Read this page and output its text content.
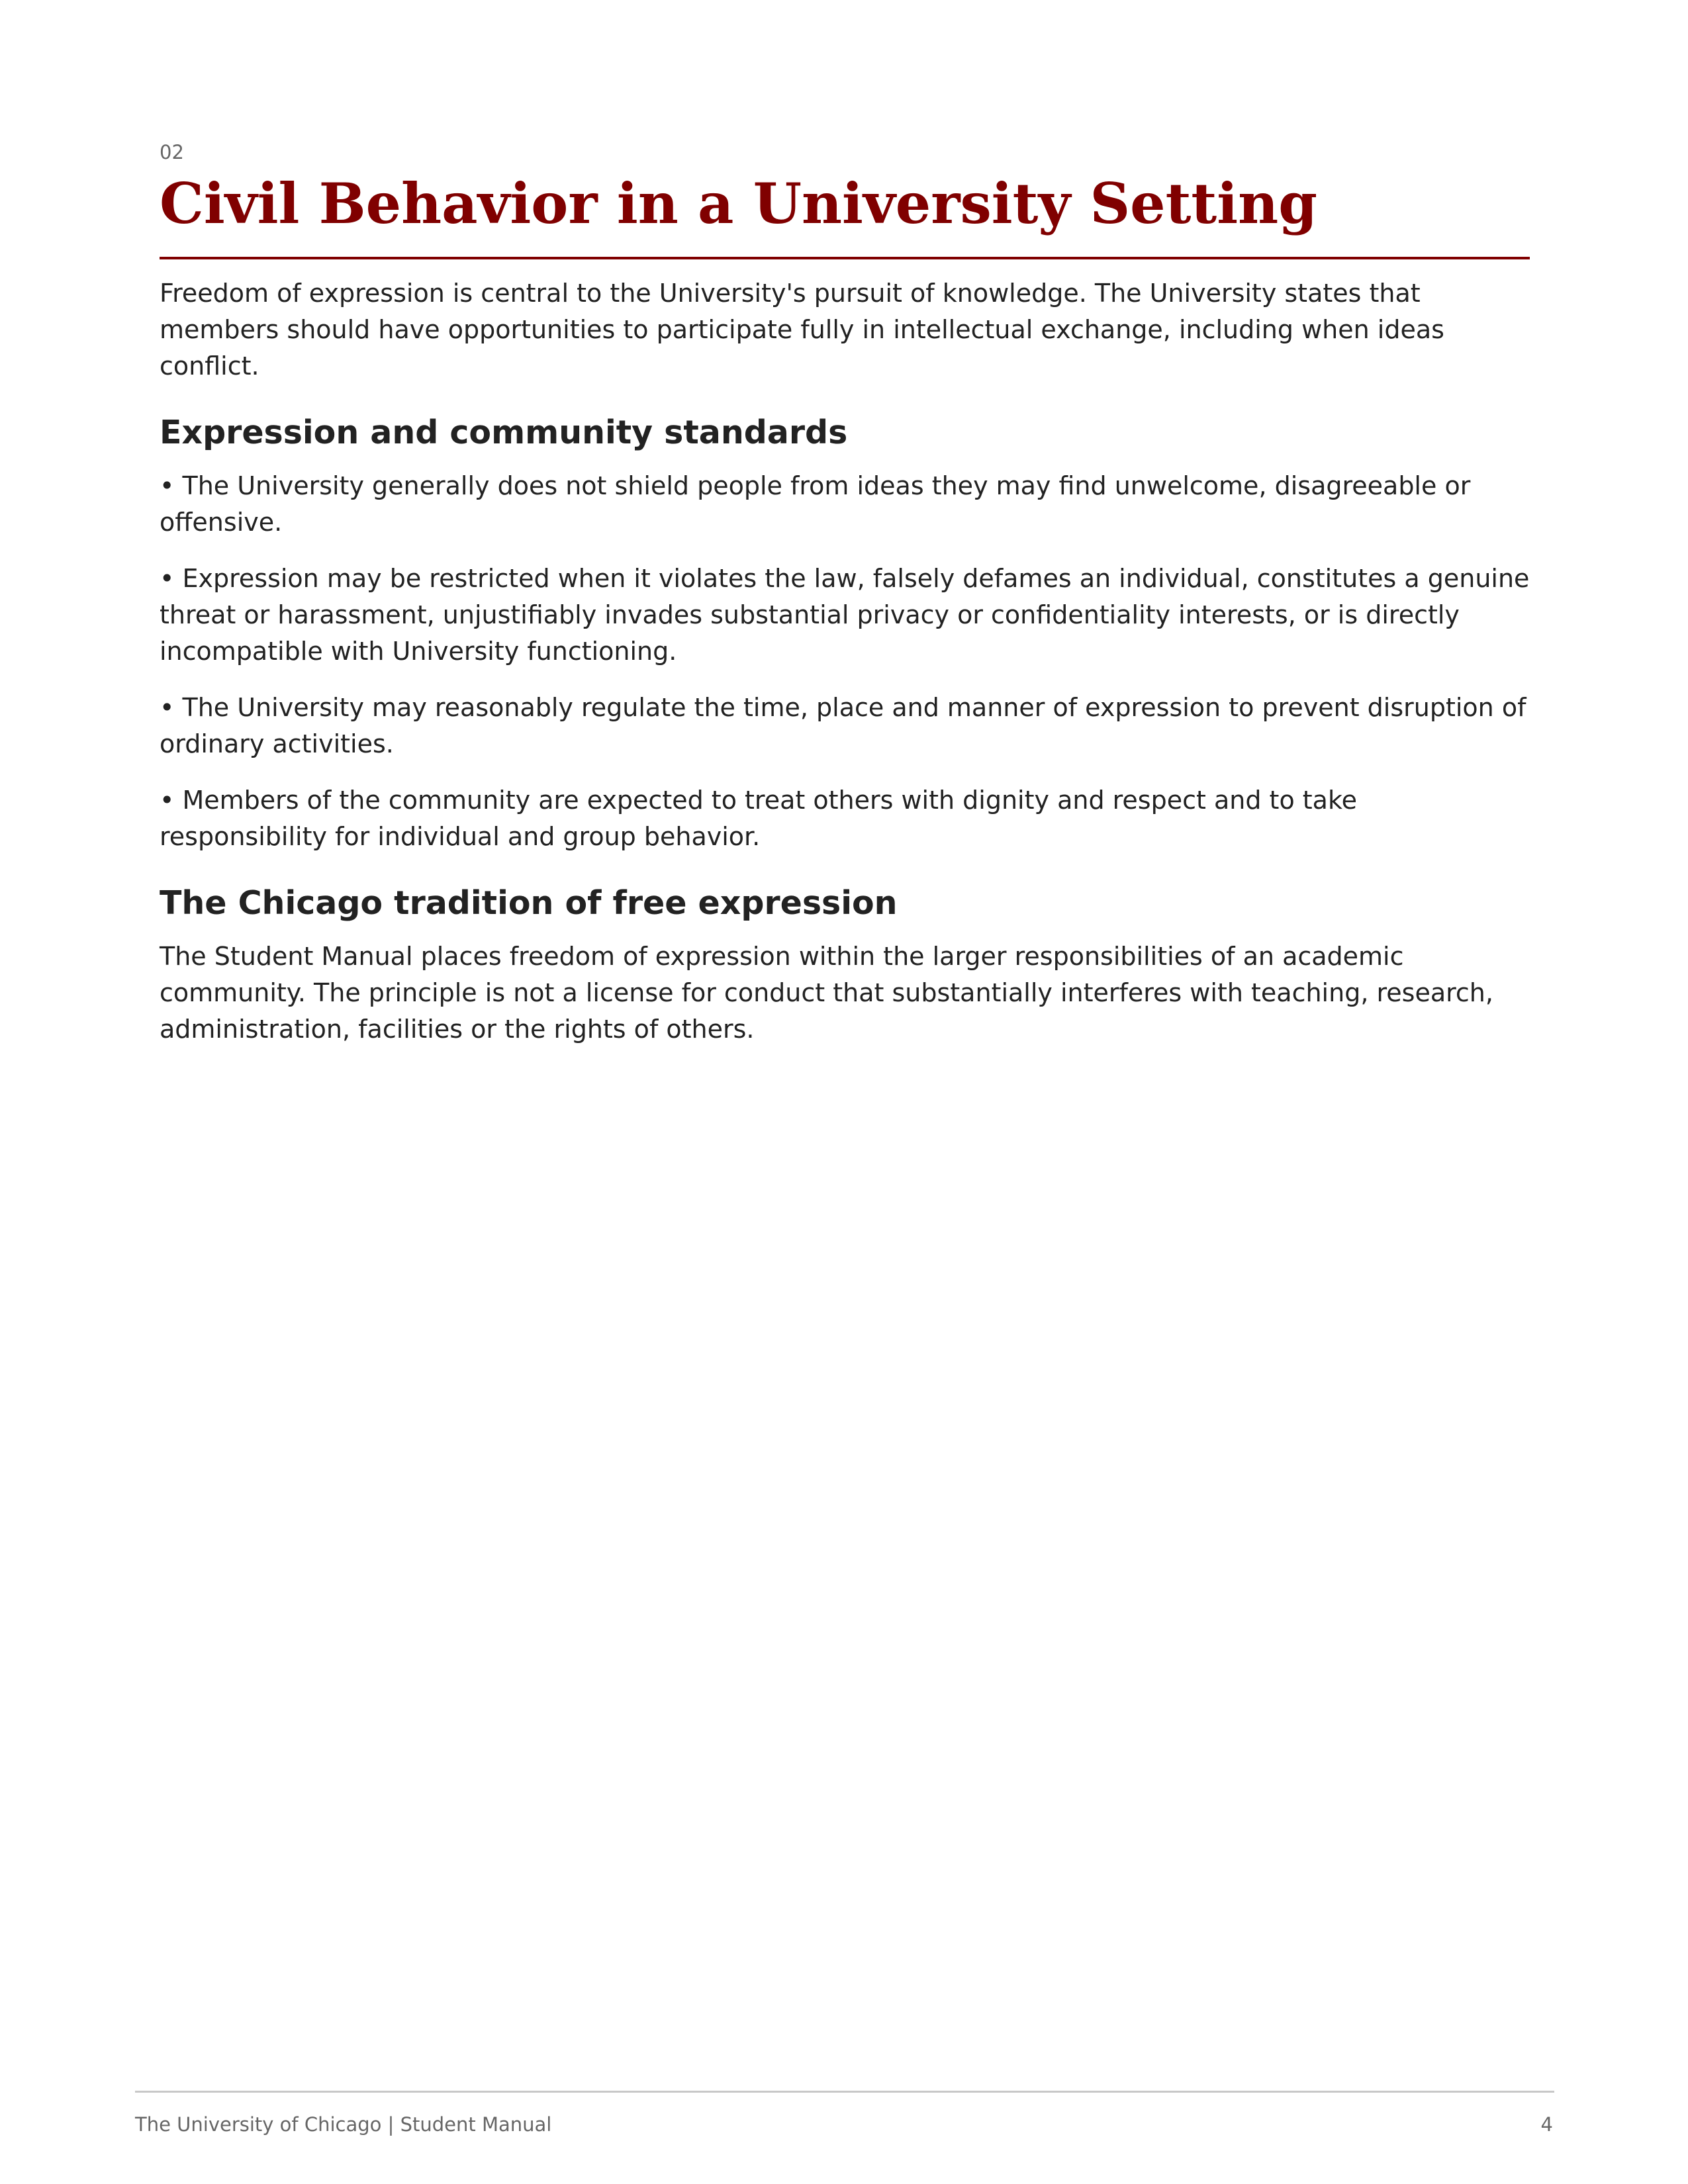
02

Civil Behavior in a University Setting

Freedom of expression is central to the University's pursuit of knowledge. The University states that members should have opportunities to participate fully in intellectual exchange, including when ideas conflict.

Expression and community standards

• The University generally does not shield people from ideas they may find unwelcome, disagreeable or offensive.

• Expression may be restricted when it violates the law, falsely defames an individual, constitutes a genuine threat or harassment, unjustifiably invades substantial privacy or confidentiality interests, or is directly incompatible with University functioning.

• The University may reasonably regulate the time, place and manner of expression to prevent disruption of ordinary activities.

• Members of the community are expected to treat others with dignity and respect and to take responsibility for individual and group behavior.

The Chicago tradition of free expression

The Student Manual places freedom of expression within the larger responsibilities of an academic community. The principle is not a license for conduct that substantially interferes with teaching, research, administration, facilities or the rights of others.

The University of Chicago | Student Manual	4
